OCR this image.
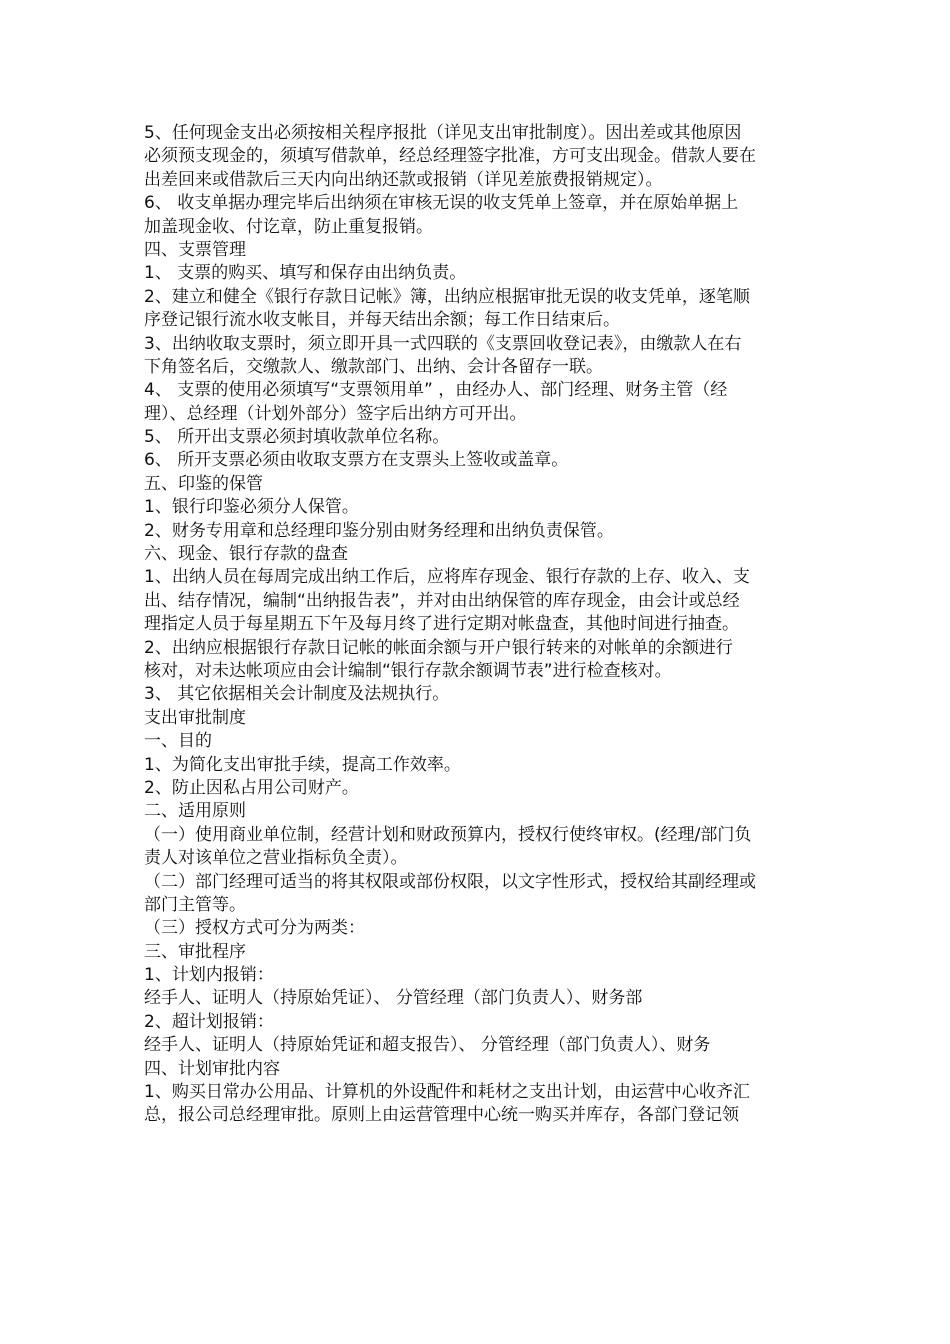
5、任何现金支出必须按相关程序报批（详见支出审批制度）。因出差或其他原因
必须预支现金的，须填写借款单，经总经理签字批准，方可支出现金。借款人要在
出差回来或借款后三天内向出纳还款或报销（详见差旅费报销规定）。
6、 收支单据办理完毕后出纳须在审核无误的收支凭单上签章，并在原始单据上
加盖现金收、付讫章，防止重复报销。
四、支票管理
1、 支票的购买、填写和保存由出纳负责。
2、建立和健全《银行存款日记帐》簿，出纳应根据审批无误的收支凭单，逐笔顺
序登记银行流水收支帐目，并每天结出余额；每工作日结束后。
3、出纳收取支票时，须立即开具一式四联的《支票回收登记表》，由缴款人在右
下角签名后，交缴款人、缴款部门、出纳、会计各留存一联。
4、 支票的使用必须填写“支票领用单” ，由经办人、部门经理、财务主管（经
理）、总经理（计划外部分）签字后出纳方可开出。
5、 所开出支票必须封填收款单位名称。
6、 所开支票必须由收取支票方在支票头上签收或盖章。
五、印鉴的保管
1、银行印鉴必须分人保管。
2、财务专用章和总经理印鉴分别由财务经理和出纳负责保管。
六、现金、银行存款的盘查
1、出纳人员在每周完成出纳工作后，应将库存现金、银行存款的上存、收入、支
出、结存情况，编制“出纳报告表”，并对由出纳保管的库存现金，由会计或总经
理指定人员于每星期五下午及每月终了进行定期对帐盘查，其他时间进行抽查。
2、出纳应根据银行存款日记帐的帐面余额与开户银行转来的对帐单的余额进行
核对，对未达帐项应由会计编制“银行存款余额调节表”进行检查核对。
3、 其它依据相关会计制度及法规执行。
支出审批制度
一、目的
1、为简化支出审批手续，提高工作效率。
2、防止因私占用公司财产。
二、适用原则
（一）使用商业单位制，经营计划和财政预算内，授权行使终审权。(经理/部门负
责人对该单位之营业指标负全责）。
（二）部门经理可适当的将其权限或部份权限，以文字性形式，授权给其副经理或
部门主管等。
（三）授权方式可分为两类：
三、审批程序
1、计划内报销：
经手人、证明人（持原始凭证）、 分管经理（部门负责人）、财务部
2、超计划报销：
经手人、证明人（持原始凭证和超支报告）、 分管经理（部门负责人）、财务
四、计划审批内容
1、购买日常办公用品、计算机的外设配件和耗材之支出计划，由运营中心收齐汇
总，报公司总经理审批。原则上由运营管理中心统一购买并库存，各部门登记领
